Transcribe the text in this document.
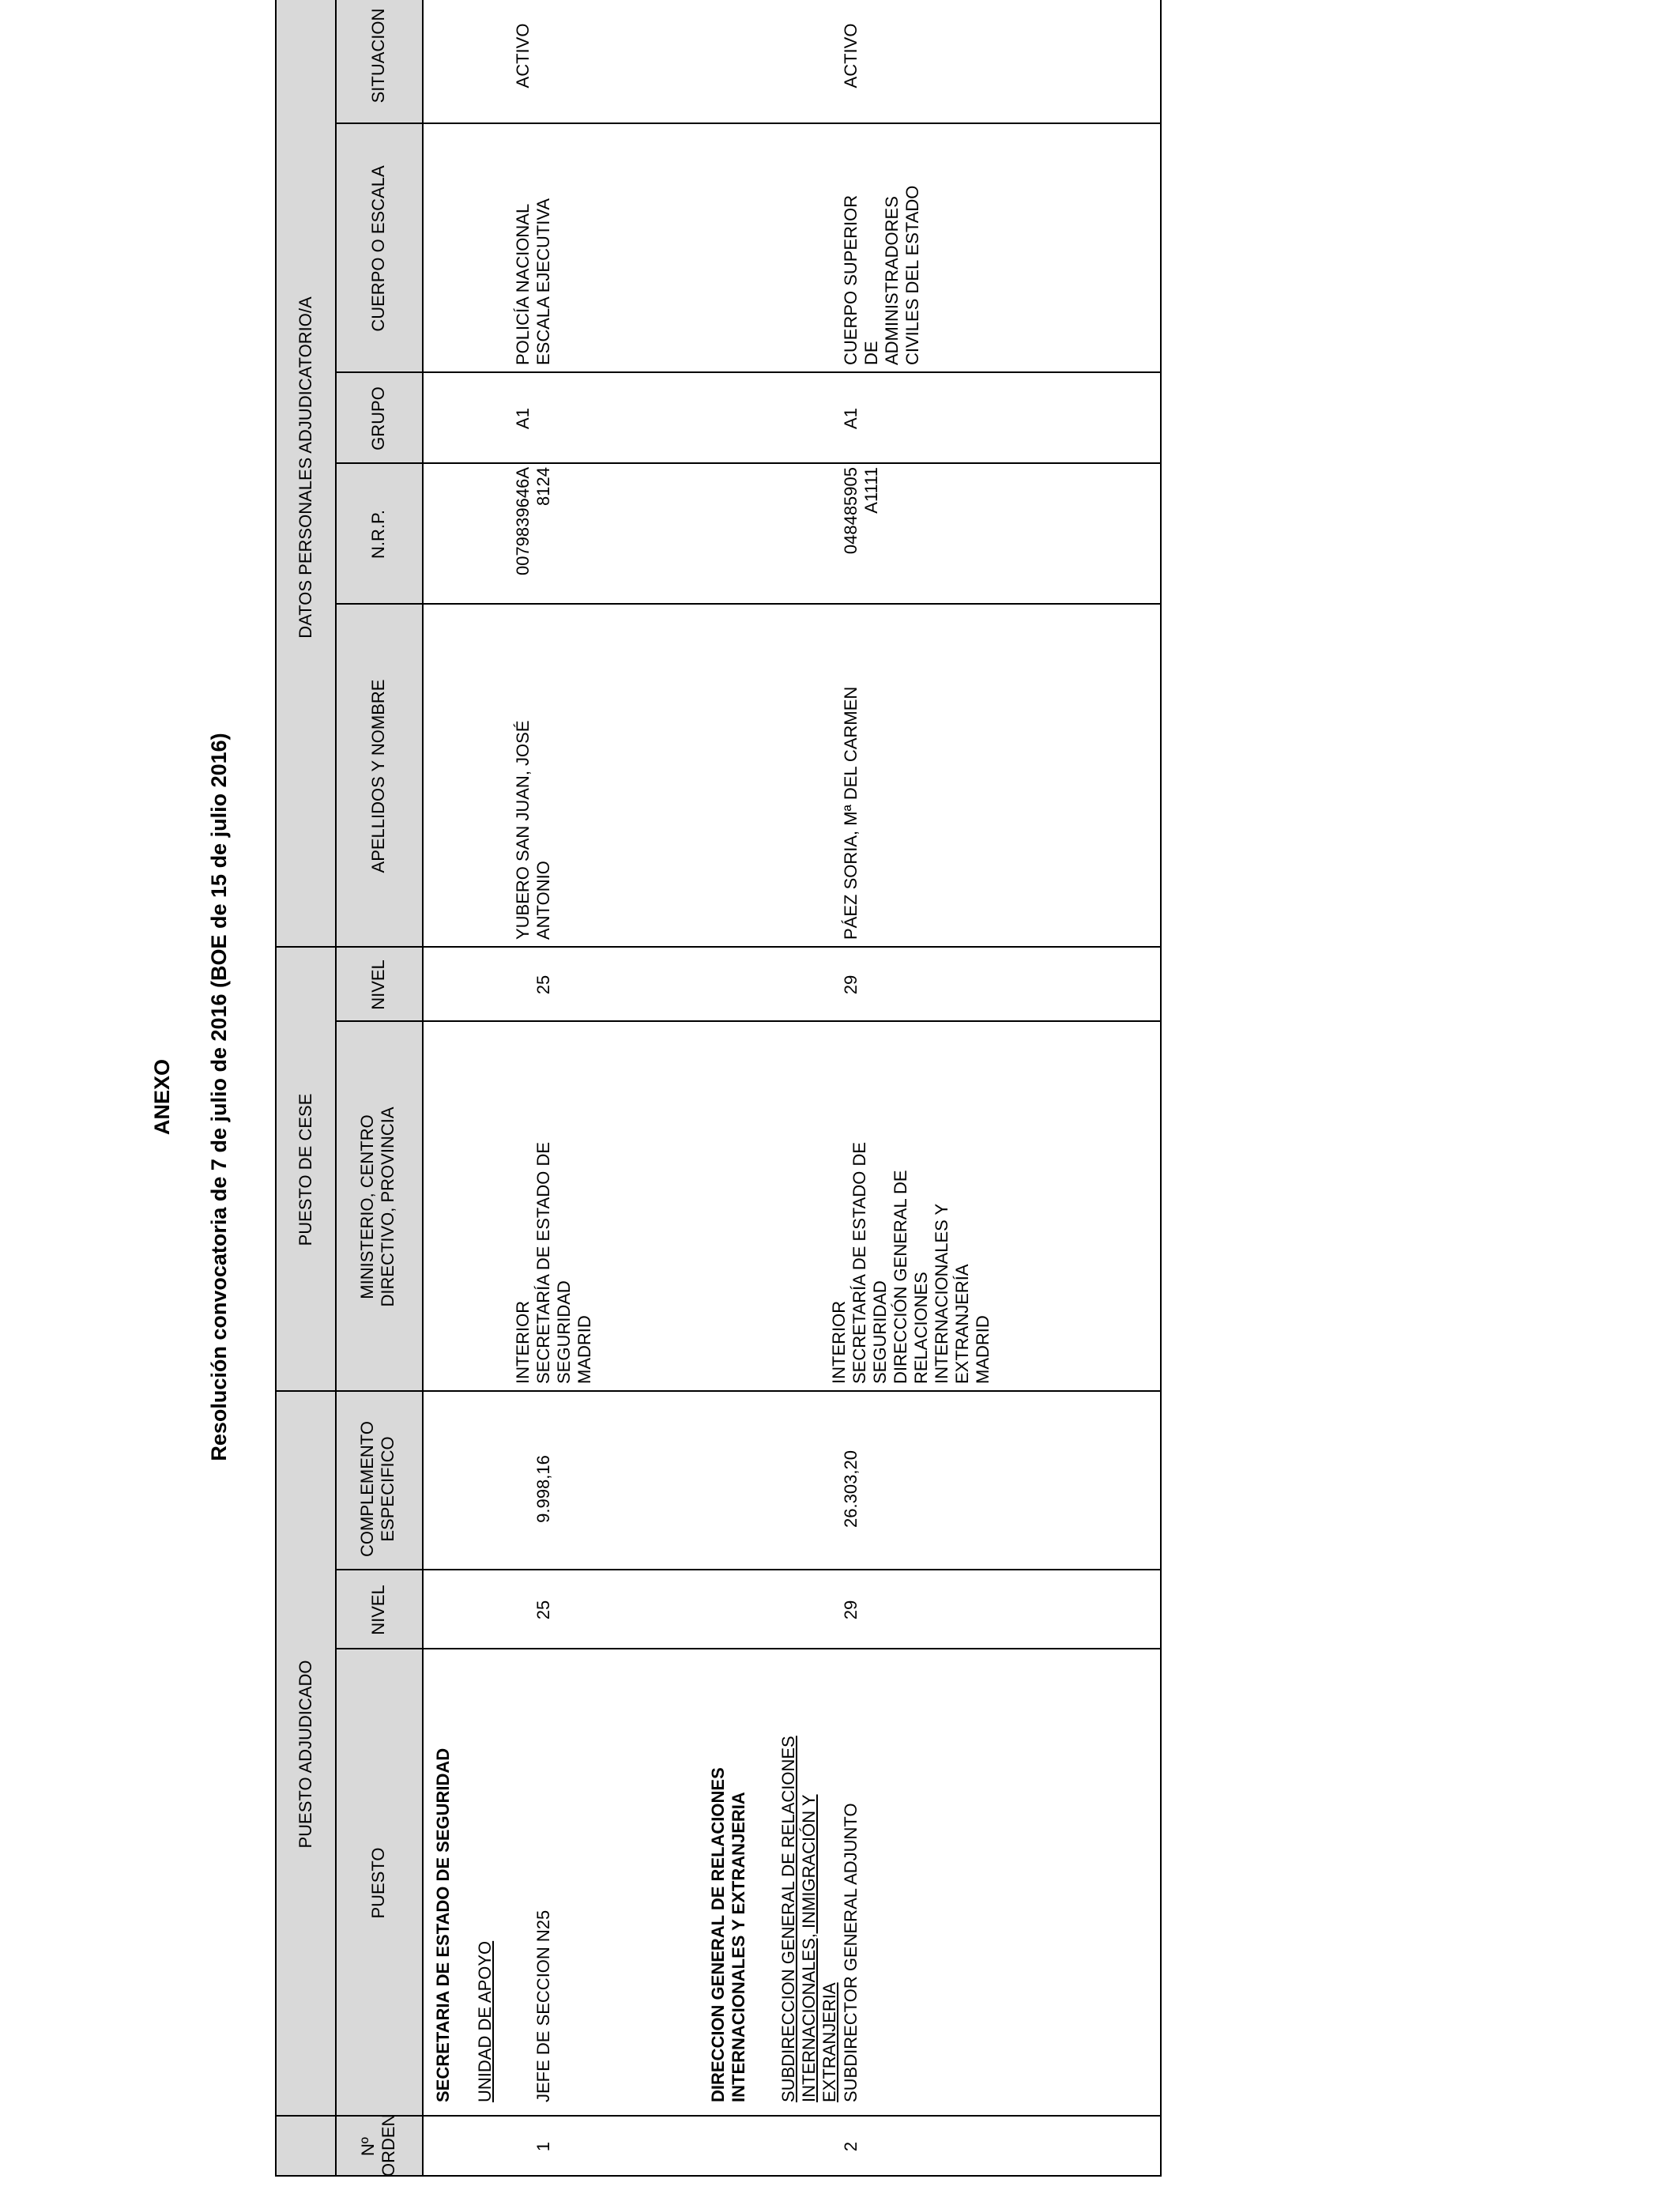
ANEXO Resolución convocatoria de 7 de julio de 2016 (BOE de 15 de julio 2016)
PUESTO ADJUDICADO
PUESTO DE CESE
DATOS PERSONALES ADJUDICATORIO/A
Nº ORDEN
PUESTO
NIVEL
COMPLEMENTO ESPECIFICO
MINISTERIO, CENTRO DIRECTIVO, PROVINCIA
NIVEL
APELLIDOS Y NOMBRE
N.R.P.
GRUPO
CUERPO O ESCALA
SITUACION
SECRETARIA DE ESTADO DE SEGURIDAD UNIDAD DE APOYO
1
JEFE DE SECCION N25
25
9.998,16
INTERIOR SECRETARÍA DE ESTADO DE SEGURIDAD MADRID
25
YUBERO SAN JUAN, JOSÉ ANTONIO
0079839646A 8124
A1
POLICÍA NACIONAL ESCALA EJECUTIVA
ACTIVO
DIRECCION GENERAL DE RELACIONES INTERNACIONALES Y EXTRANJERIA SUBDIRECCION GENERAL DE RELACIONES INTERNACIONALES, INMIGRACIÓN Y EXTRANJERIA
2
SUBDIRECTOR GENERAL ADJUNTO
29
26.303,20
INTERIOR SECRETARÍA DE ESTADO DE SEGURIDAD DIRECCIÓN GENERAL DE RELACIONES INTERNACIONALES Y EXTRANJERÍA MADRID
29
PÁEZ SORIA, Mª DEL CARMEN
048485905 A1111
A1
CUERPO SUPERIOR DE ADMINISTRADORES CIVILES DEL ESTADO
ACTIVO
